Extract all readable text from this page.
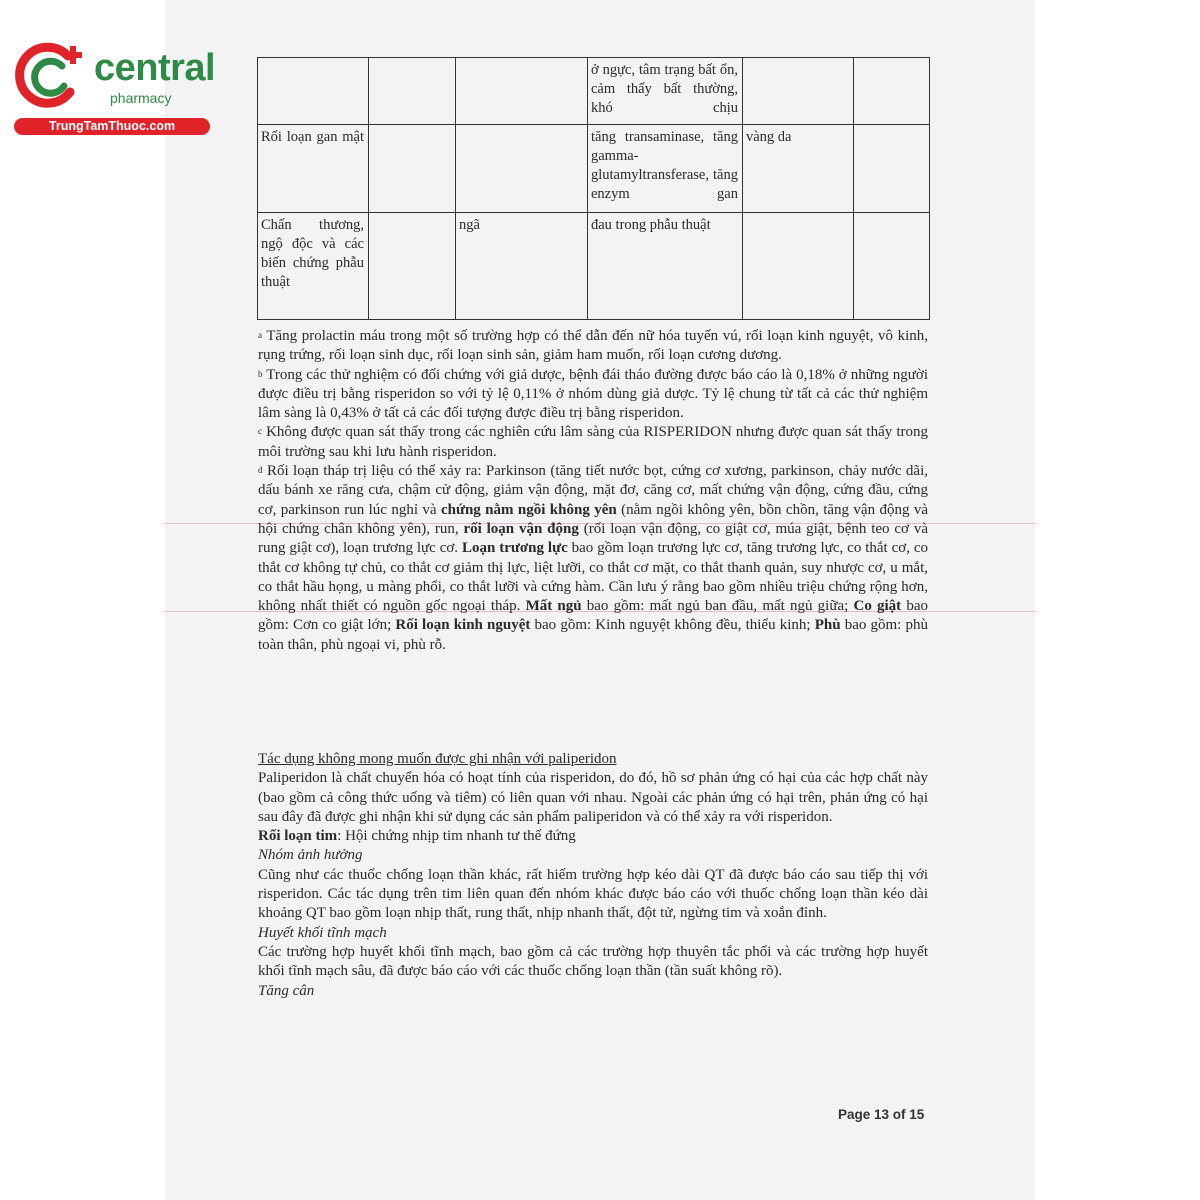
central
pharmacy
TrungTamThuoc.com
			ở ngực, tâm trạng bất ổn, cảm thấy bất thường, khó chịu		
Rối loạn gan mật			tăng transaminase, tăng gamma-glutamyltransferase, tăng enzym gan	vàng da	
Chấn thương, ngộ độc và các biến chứng phẫu thuật		ngã	đau trong phẫu thuật		

$^a$ Tăng prolactin máu trong một số trường hợp có thể dẫn đến nữ hóa tuyến vú, rối loạn kinh nguyệt, vô kinh, rụng trứng, rối loạn sinh dục, rối loạn sinh sản, giảm ham muốn, rối loạn cương dương.

$^b$ Trong các thử nghiệm có đối chứng với giả dược, bệnh đái tháo đường được báo cáo là 0,18% ở những người được điều trị bằng risperidon so với tỷ lệ 0,11% ở nhóm dùng giả dược. Tỷ lệ chung từ tất cả các thử nghiệm lâm sàng là 0,43% ở tất cả các đối tượng được điều trị bằng risperidon.

$^c$ Không được quan sát thấy trong các nghiên cứu lâm sàng của RISPERIDON nhưng được quan sát thấy trong môi trường sau khi lưu hành risperidon.

$^d$ Rối loạn tháp trị liệu có thể xảy ra: Parkinson (tăng tiết nước bọt, cứng cơ xương, parkinson, chảy nước dãi, dấu bánh xe răng cưa, chậm cử động, giảm vận động, mặt đơ, căng cơ, mất chứng vận động, cứng đầu, cứng cơ, parkinson run lúc nghỉ và chứng nằm ngồi không yên (nằm ngồi không yên, bồn chồn, tăng vận động và hội chứng chân không yên), run, rối loạn vận động (rối loạn vận động, co giật cơ, múa giật, bệnh teo cơ và rung giật cơ), loạn trương lực cơ. Loạn trương lực bao gồm loạn trương lực cơ, tăng trương lực, co thắt cơ, co thắt cơ không tự chủ, co thắt cơ giảm thị lực, liệt lưỡi, co thắt cơ mặt, co thắt thanh quản, suy nhược cơ, u mắt, co thắt hầu họng, u màng phổi, co thắt lưỡi và cứng hàm. Cần lưu ý rằng bao gồm nhiều triệu chứng rộng hơn, không nhất thiết có nguồn gốc ngoại tháp. Mất ngủ bao gồm: mất ngủ ban đầu, mất ngủ giữa; Co giật bao gồm: Cơn co giật lớn; Rối loạn kinh nguyệt bao gồm: Kinh nguyệt không đều, thiểu kinh; Phù bao gồm: phù toàn thân, phù ngoại vi, phù rỗ.

Tác dụng không mong muốn được ghi nhận với paliperidon

Paliperidon là chất chuyển hóa có hoạt tính của risperidon, do đó, hồ sơ phản ứng có hại của các hợp chất này (bao gồm cả công thức uống và tiêm) có liên quan với nhau. Ngoài các phản ứng có hại trên, phản ứng có hại sau đây đã được ghi nhận khi sử dụng các sản phẩm paliperidon và có thể xảy ra với risperidon.

Rối loạn tim: Hội chứng nhịp tim nhanh tư thế đứng

Nhóm ảnh hưởng

Cũng như các thuốc chống loạn thần khác, rất hiếm trường hợp kéo dài QT đã được báo cáo sau tiếp thị với risperidon. Các tác dụng trên tim liên quan đến nhóm khác được báo cáo với thuốc chống loạn thần kéo dài khoảng QT bao gồm loạn nhịp thất, rung thất, nhịp nhanh thất, đột tử, ngừng tim và xoắn đỉnh.

Huyết khối tĩnh mạch

Các trường hợp huyết khối tĩnh mạch, bao gồm cả các trường hợp thuyên tắc phổi và các trường hợp huyết khối tĩnh mạch sâu, đã được báo cáo với các thuốc chống loạn thần (tần suất không rõ).

Tăng cân

Page 13 of 15
